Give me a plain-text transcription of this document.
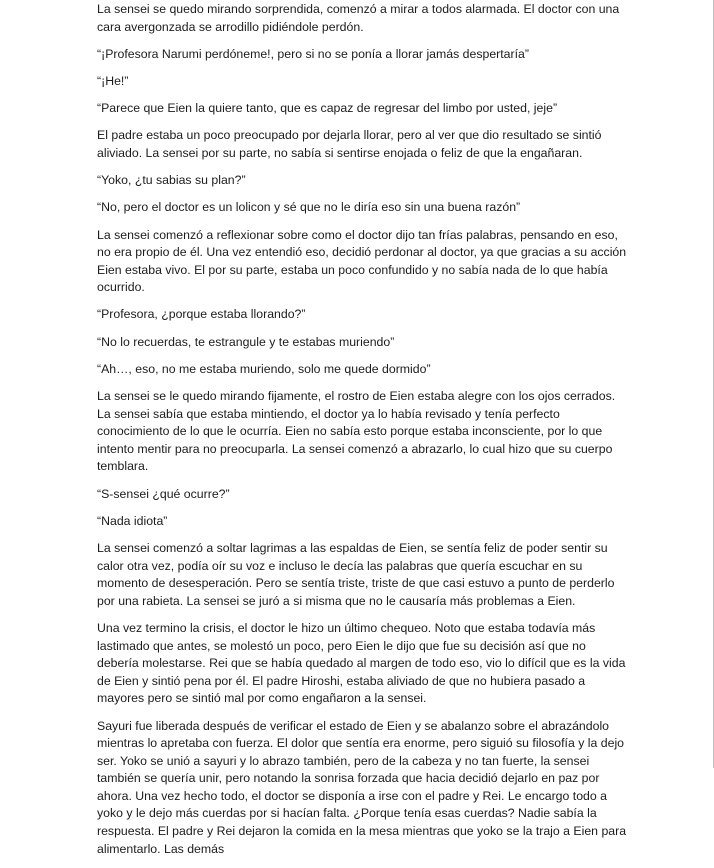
La sensei se quedo mirando sorprendida, comenzó a mirar a todos alarmada. El doctor con una cara avergonzada se arrodillo pidiéndole perdón.

“¡Profesora Narumi perdóneme!, pero si no se ponía a llorar jamás despertaría”

“¡He!”

“Parece que Eien la quiere tanto, que es capaz de regresar del limbo por usted, jeje”

El padre estaba un poco preocupado por dejarla llorar, pero al ver que dio resultado se sintió aliviado. La sensei por su parte, no sabía si sentirse enojada o feliz de que la engañaran.

“Yoko, ¿tu sabias su plan?”

“No, pero el doctor es un lolicon y sé que no le diría eso sin una buena razón”

La sensei comenzó a reflexionar sobre como el doctor dijo tan frías palabras, pensando en eso, no era propio de él. Una vez entendió eso, decidió perdonar al doctor, ya que gracias a su acción Eien estaba vivo. El por su parte, estaba un poco confundido y no sabía nada de lo que había ocurrido.

“Profesora, ¿porque estaba llorando?”

“No lo recuerdas, te estrangule y te estabas muriendo”

“Ah…, eso, no me estaba muriendo, solo me quede dormido”

La sensei se le quedo mirando fijamente, el rostro de Eien estaba alegre con los ojos cerrados. La sensei sabía que estaba mintiendo, el doctor ya lo había revisado y tenía perfecto conocimiento de lo que le ocurría. Eien no sabía esto porque estaba inconsciente, por lo que intento mentir para no preocuparla. La sensei comenzó a abrazarlo, lo cual hizo que su cuerpo temblara.

“S-sensei ¿qué ocurre?”

“Nada idiota”

La sensei comenzó a soltar lagrimas a las espaldas de Eien, se sentía feliz de poder sentir su calor otra vez, podía oír su voz e incluso le decía las palabras que quería escuchar en su momento de desesperación. Pero se sentía triste, triste de que casi estuvo a punto de perderlo por una rabieta. La sensei se juró a si misma que no le causaría más problemas a Eien.

Una vez termino la crisis, el doctor le hizo un último chequeo. Noto que estaba todavía más lastimado que antes, se molestó un poco, pero Eien le dijo que fue su decisión así que no debería molestarse. Rei que se había quedado al margen de todo eso, vio lo difícil que es la vida de Eien y sintió pena por él. El padre Hiroshi, estaba aliviado de que no hubiera pasado a mayores pero se sintió mal por como engañaron a la sensei.

Sayuri fue liberada después de verificar el estado de Eien y se abalanzo sobre el abrazándolo mientras lo apretaba con fuerza. El dolor que sentía era enorme, pero siguió su filosofía y la dejo ser. Yoko se unió a sayuri y lo abrazo también, pero de la cabeza y no tan fuerte, la sensei también se quería unir, pero notando la sonrisa forzada que hacia decidió dejarlo en paz por ahora. Una vez hecho todo, el doctor se disponía a irse con el padre y Rei. Le encargo todo a yoko y le dejo más cuerdas por si hacían falta. ¿Porque tenía esas cuerdas? Nadie sabía la respuesta. El padre y Rei dejaron la comida en la mesa mientras que yoko se la trajo a Eien para alimentarlo. Las demás
